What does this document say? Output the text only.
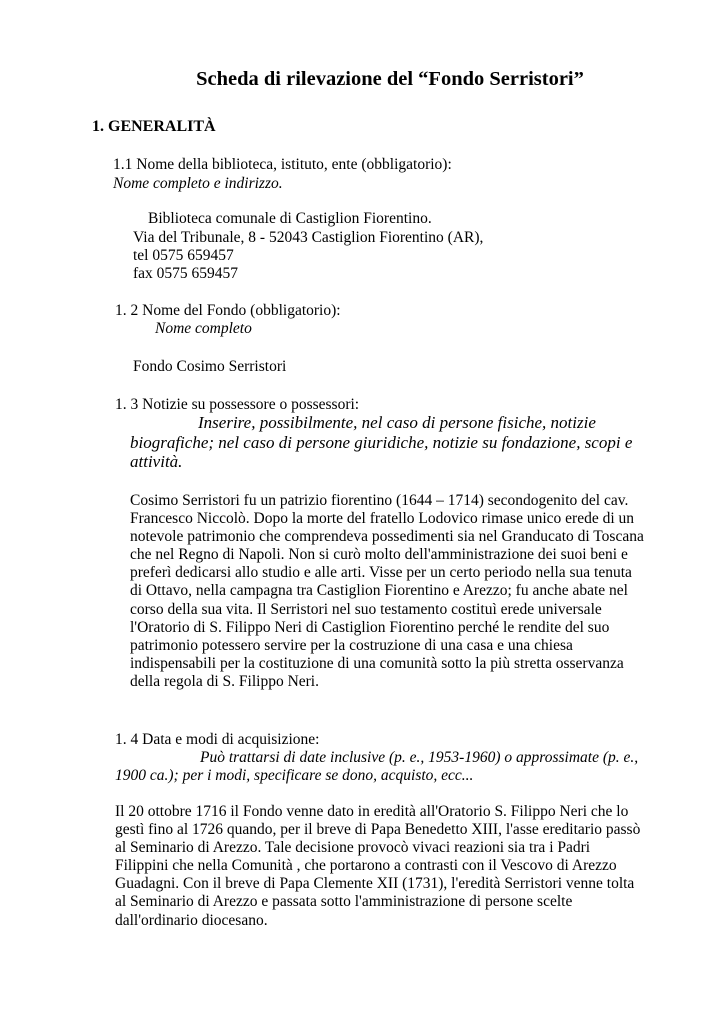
Scheda di rilevazione del “Fondo Serristori”
1. GENERALITÀ
1.1 Nome della biblioteca, istituto, ente (obbligatorio):
Nome completo e indirizzo.
Biblioteca comunale di Castiglion Fiorentino.
Via del Tribunale, 8 - 52043 Castiglion Fiorentino (AR),
tel 0575 659457
fax 0575 659457
1. 2 Nome del Fondo (obbligatorio):
Nome completo
Fondo Cosimo Serristori
1. 3 Notizie su possessore o possessori:
Inserire, possibilmente, nel caso di persone fisiche, notizie
biografiche; nel caso di persone giuridiche, notizie su fondazione, scopi e
attività.
Cosimo Serristori fu un patrizio fiorentino (1644 – 1714) secondogenito del cav.
Francesco Niccolò. Dopo la morte del fratello Lodovico rimase unico erede di un
notevole patrimonio che comprendeva possedimenti sia nel Granducato di Toscana
che nel Regno di Napoli. Non si curò molto dell'amministrazione dei suoi beni e
preferì dedicarsi allo studio e alle arti. Visse per un certo periodo nella sua tenuta
di Ottavo, nella campagna tra Castiglion Fiorentino e Arezzo; fu anche abate nel
corso della sua vita. Il Serristori nel suo testamento costituì erede universale
l'Oratorio di S. Filippo Neri di Castiglion Fiorentino perché le rendite del suo
patrimonio potessero servire per la costruzione di una casa e una chiesa
indispensabili per la costituzione di una comunità sotto la più stretta osservanza
della regola di S. Filippo Neri.
1. 4 Data e modi di acquisizione:
Può trattarsi di date inclusive (p. e., 1953-1960) o approssimate (p. e.,
1900 ca.); per i modi, specificare se dono, acquisto, ecc...
Il 20 ottobre 1716 il Fondo venne dato in eredità all'Oratorio S. Filippo Neri che lo
gestì fino al 1726 quando, per il breve di Papa Benedetto XIII, l'asse ereditario passò
al Seminario di Arezzo. Tale decisione provocò vivaci reazioni sia tra i Padri
Filippini che nella Comunità , che portarono a contrasti con il Vescovo di Arezzo
Guadagni. Con il breve di Papa Clemente XII (1731), l'eredità Serristori venne tolta
al Seminario di Arezzo e passata sotto l'amministrazione di persone scelte
dall'ordinario diocesano.
